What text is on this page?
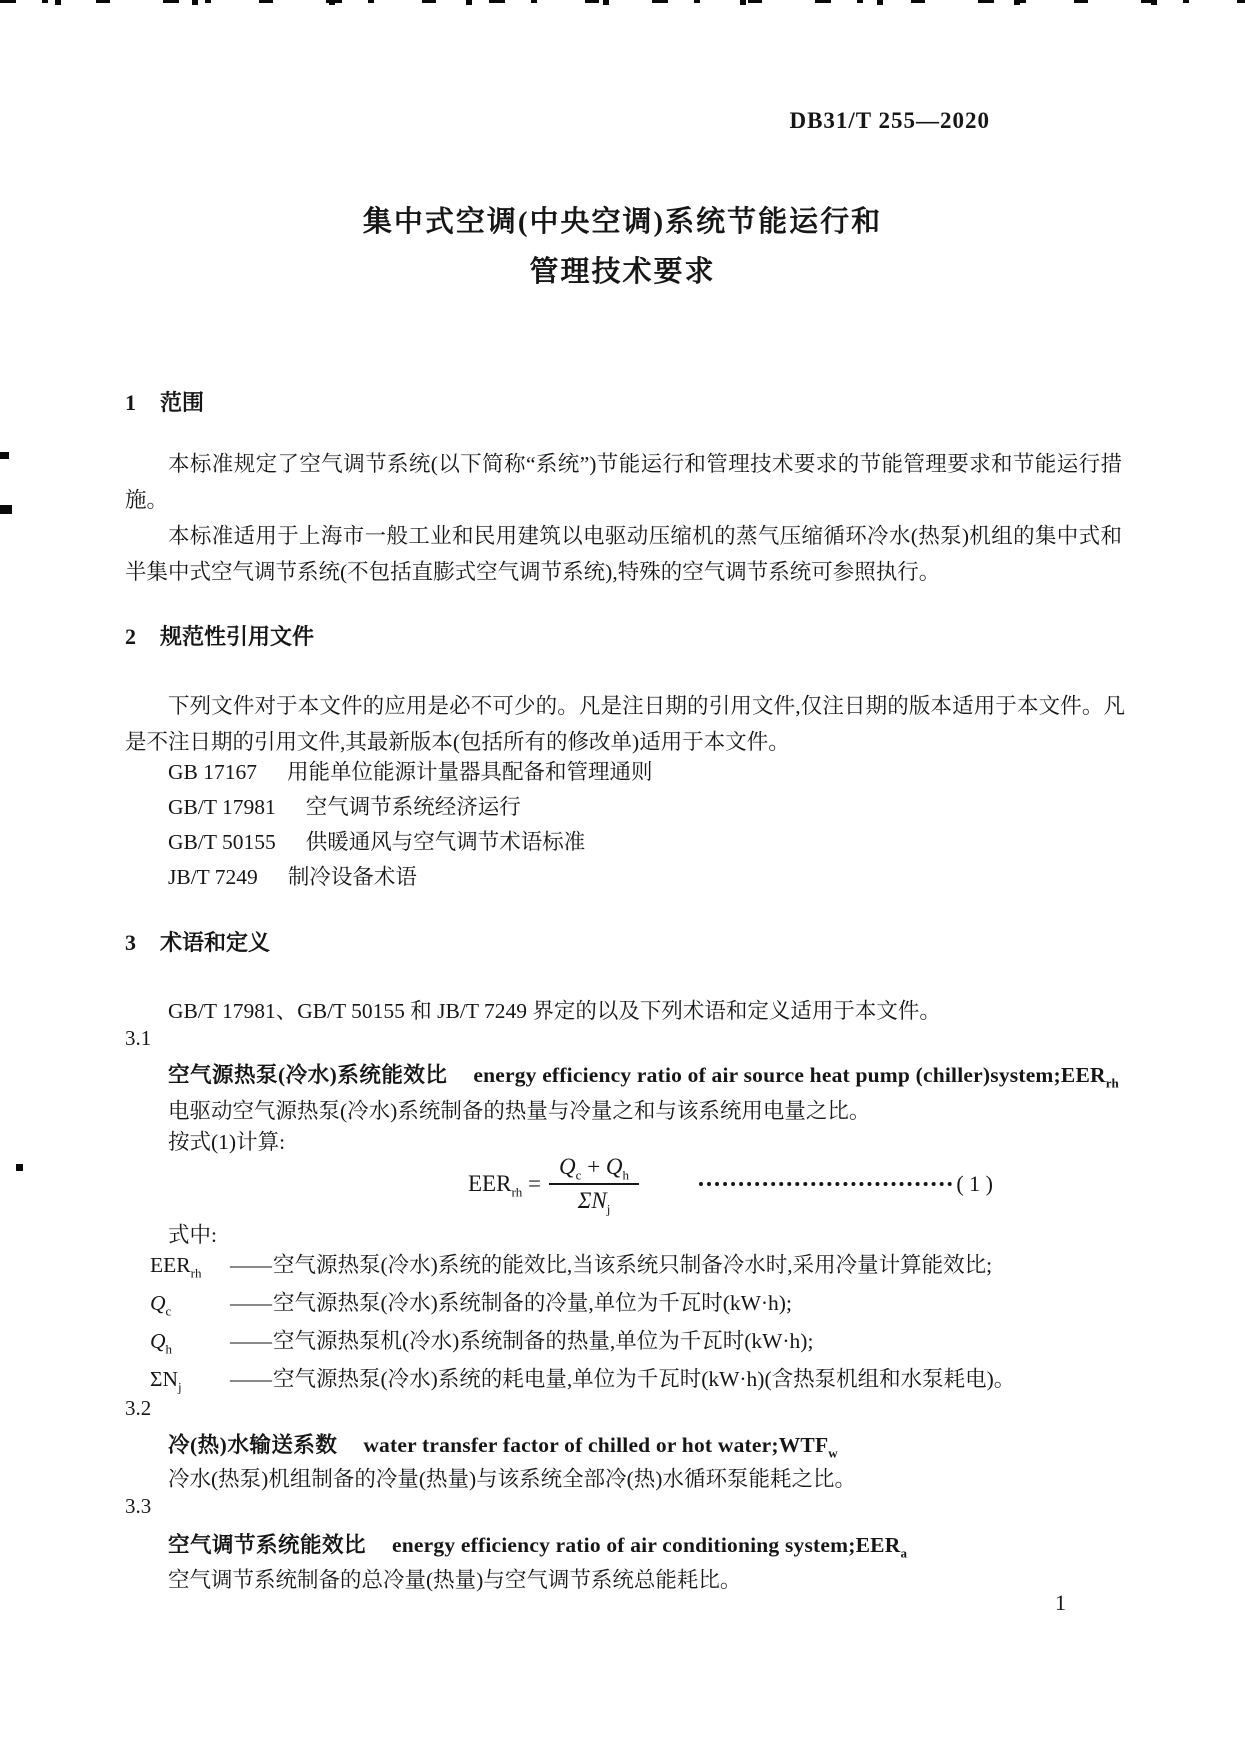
DB31/T 255—2020
集中式空调(中央空调)系统节能运行和
管理技术要求
1 范围
本标准规定了空气调节系统(以下简称“系统”)节能运行和管理技术要求的节能管理要求和节能运行措施。
本标准适用于上海市一般工业和民用建筑以电驱动压缩机的蒸气压缩循环冷水(热泵)机组的集中式和半集中式空气调节系统(不包括直膨式空气调节系统),特殊的空气调节系统可参照执行。
2 规范性引用文件
下列文件对于本文件的应用是必不可少的。凡是注日期的引用文件,仅注日期的版本适用于本文件。凡是不注日期的引用文件,其最新版本(包括所有的修改单)适用于本文件。
GB 17167 用能单位能源计量器具配备和管理通则
GB/T 17981 空气调节系统经济运行
GB/T 50155 供暖通风与空气调节术语标准
JB/T 7249 制冷设备术语
3 术语和定义
GB/T 17981、GB/T 50155 和 JB/T 7249 界定的以及下列术语和定义适用于本文件。
3.1
空气源热泵(冷水)系统能效比 energy efficiency ratio of air source heat pump $(chiller)system;EER_{rh}$
电驱动空气源热泵(冷水)系统制备的热量与冷量之和与该系统用电量之比。
按式(1)计算:
$EER_{rh} = \frac{Q_c + Q_h}{\Sigma N_j}$	( 1 )
式中:
$EER_{rh}$	—— 空气源热泵(冷水)系统的能效比,当该系统只制备冷水时,采用冷量计算能效比;
$Q_c$	—— 空气源热泵(冷水)系统制备的冷量,单位为千瓦时(kW·h);
$Q_h$	—— 空气源热泵机(冷水)系统制备的热量,单位为千瓦时(kW·h);
$\Sigma N_j$	—— 空气源热泵(冷水)系统的耗电量,单位为千瓦时(kW·h)(含热泵机组和水泵耗电)。
3.2
冷(热)水输送系数 water transfer factor of chilled or hot $water;WTF_w$
冷水(热泵)机组制备的冷量(热量)与该系统全部冷(热)水循环泵能耗之比。
3.3
空气调节系统能效比 energy efficiency ratio of air conditioning $system;EER_a$
空气调节系统制备的总冷量(热量)与空气调节系统总能耗比。
1
